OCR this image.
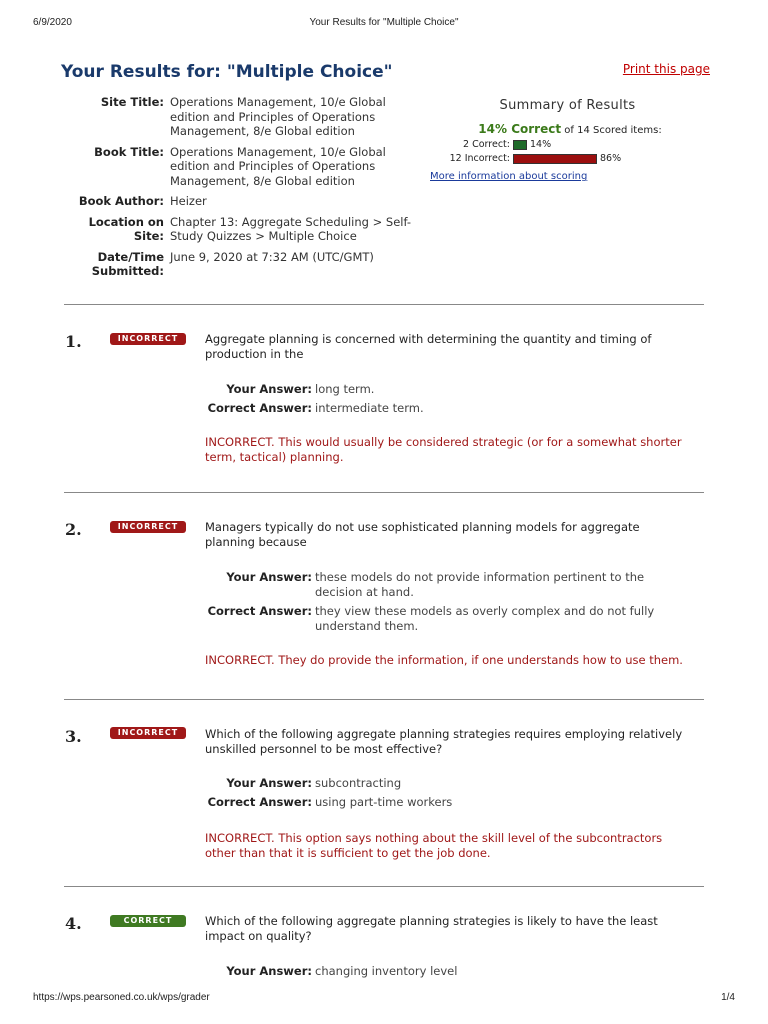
6/9/2020	Your Results for "Multiple Choice"
Your Results for: "Multiple Choice"	Print this page
Site Title: Operations Management, 10/e Global edition and Principles of Operations Management, 8/e Global edition
Book Title: Operations Management, 10/e Global edition and Principles of Operations Management, 8/e Global edition
Book Author: Heizer
Location on Site:
Chapter 13: Aggregate Scheduling > Self-Study Quizzes > Multiple Choice
Date/Time Submitted:
June 9, 2020 at 7:32 AM (UTC/GMT)
Summary of Results
14% Correct of 14 Scored items:
2 Correct:	14%
12 Incorrect:	86%
More information about scoring
1.	INCORRECT	Aggregate planning is concerned with determining the quantity and timing of production in the
Your Answer: long term.
Correct Answer: intermediate term.
INCORRECT. This would usually be considered strategic (or for a somewhat shorter term, tactical) planning.
2.	INCORRECT	Managers typically do not use sophisticated planning models for aggregate planning because
Your Answer: these models do not provide information pertinent to the decision at hand.
Correct Answer: they view these models as overly complex and do not fully understand them.
INCORRECT. They do provide the information, if one understands how to use them.
3.	INCORRECT	Which of the following aggregate planning strategies requires employing relatively unskilled personnel to be most effective?
Your Answer: subcontracting
Correct Answer: using part-time workers
INCORRECT. This option says nothing about the skill level of the subcontractors other than that it is sufficient to get the job done.
4.	CORRECT	Which of the following aggregate planning strategies is likely to have the least impact on quality?
Your Answer: changing inventory level
https://wps.pearsoned.co.uk/wps/grader	1/4
